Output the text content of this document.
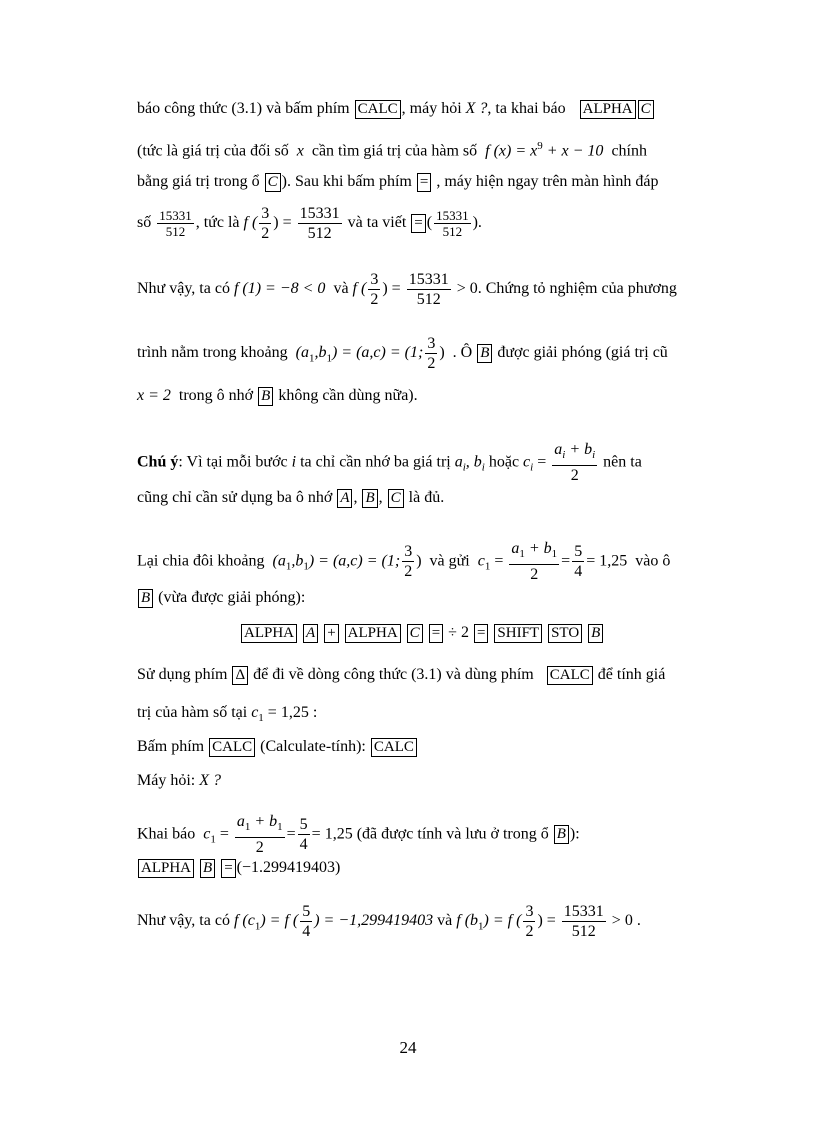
báo công thức (3.1) và bấm phím CALC , máy hỏi X ?, ta khai báo ALPHA C
(tức là giá trị của đối số x cần tìm giá trị của hàm số f $(x) = x^9 + x - 10$ chính
bằng giá trị trong ổ C ). Sau khi bấm phím = , máy hiện ngay trên màn hình đáp
số $\frac{15331}{512}$ , tức là f ( $\frac{3}{2}$ ) = $\frac{15331}{512}$ và ta viết = ( $\frac{15331}{512}$ ).
Như vậy, ta có f (1) = −8 < 0 và f ( $\frac{3}{2}$ ) = $\frac{15331}{512} > 0$. Chứng tỏ nghiệm của phương
trình nằm trong khoảng $(a_1,b_1) = (a,c) = (1$; $\frac{3}{2}$ ) . Ô B được giải phóng (giá trị cũ
x = 2 trong ô nhớ B không cần dùng nữa).
Chú ý: Vì tại mỗi bước i ta chỉ cần nhớ ba giá trị $a_i$, $b_i$ hoặc $c_i = \frac{a_i + b_i}{2}$ nên ta
cũng chỉ cần sử dụng ba ô nhớ A , B , C là đủ.
Lại chia đôi khoảng $(a_1,b_1) = (a,c) = (1$; $\frac{3}{2}$ ) và gửi $c_1 = \frac{a_1 + b_1}{2} = \frac{5}{4} = 1,25$ vào ô
B (vừa được giải phóng):
ALPHA A + ALPHA C = ÷ 2 = SHIFT STO B
Sử dụng phím Δ để đi về dòng công thức (3.1) và dùng phím CALC để tính giá
trị của hàm số tại $c_1 = 1,25$ :
Bấm phím CALC (Calculate-tính): CALC
Máy hỏi: X ?
Khai báo $c_1 = \frac{a_1 + b_1}{2} = \frac{5}{4} = 1,25$ (đã được tính và lưu ở trong ổ B ):
ALPHA B = (−1.299419403)
Như vậy, ta có f $(c_1) = f$ ( $\frac{5}{4}$ ) = −1,299419403 và f $(b_1) = f$ ( $\frac{3}{2}$ ) = $\frac{15331}{512} > 0$ .
24
